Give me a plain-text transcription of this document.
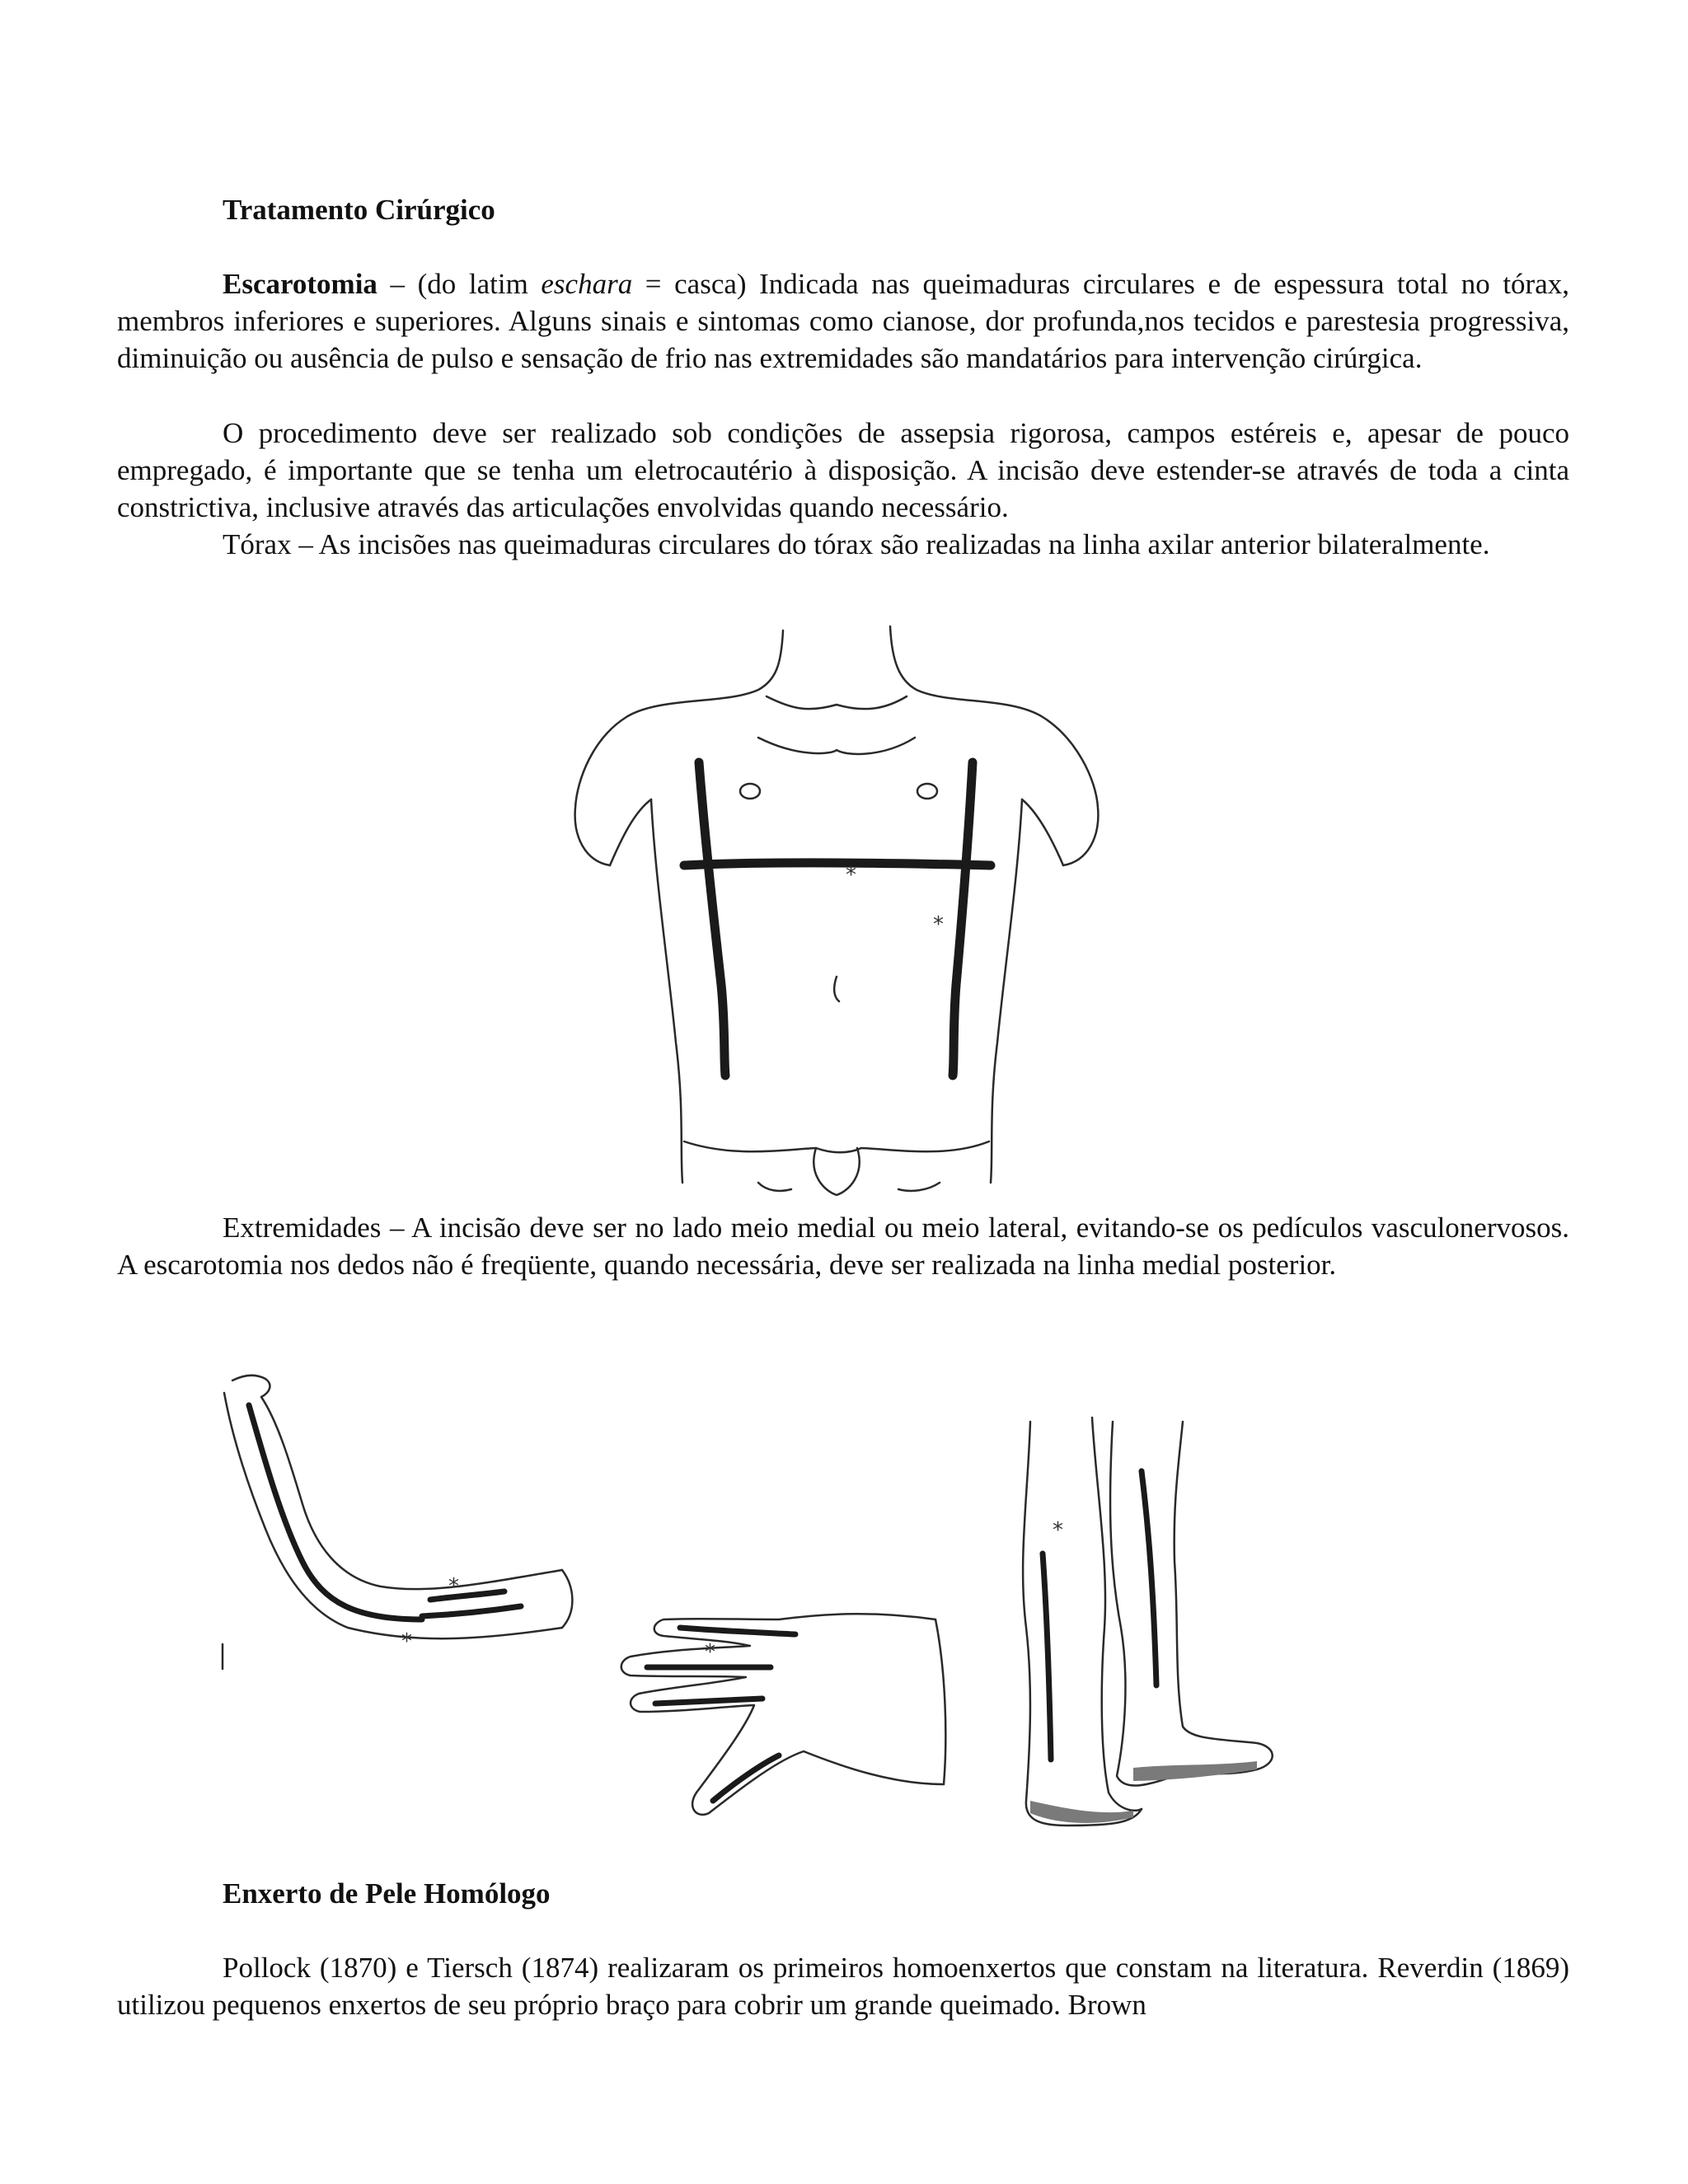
Tratamento Cirúrgico

Escarotomia – (do latim eschara = casca) Indicada nas queimaduras circulares e de espessura total no tórax, membros inferiores e superiores. Alguns sinais e sintomas como cianose, dor profunda,nos tecidos e parestesia progressiva, diminuição ou ausência de pulso e sensação de frio nas extremidades são mandatários para intervenção cirúrgica.

O procedimento deve ser realizado sob condições de assepsia rigorosa, campos estéreis e, apesar de pouco empregado, é importante que se tenha um eletrocautério à disposição. A incisão deve estender-se através de toda a cinta constrictiva, inclusive através das articulações envolvidas quando necessário.

Tórax – As incisões nas queimaduras circulares do tórax são realizadas na linha axilar anterior bilateralmente.

*
*

Extremidades – A incisão deve ser no lado meio medial ou meio lateral, evitando-se os pedículos vasculonervosos. A escarotomia nos dedos não é freqüente, quando necessária, deve ser realizada na linha medial posterior.

*
*	*
*
Enxerto de Pele Homólogo

Pollock (1870) e Tiersch (1874) realizaram os primeiros homoenxertos que constam na literatura. Reverdin (1869) utilizou pequenos enxertos de seu próprio braço para cobrir um grande queimado. Brown
